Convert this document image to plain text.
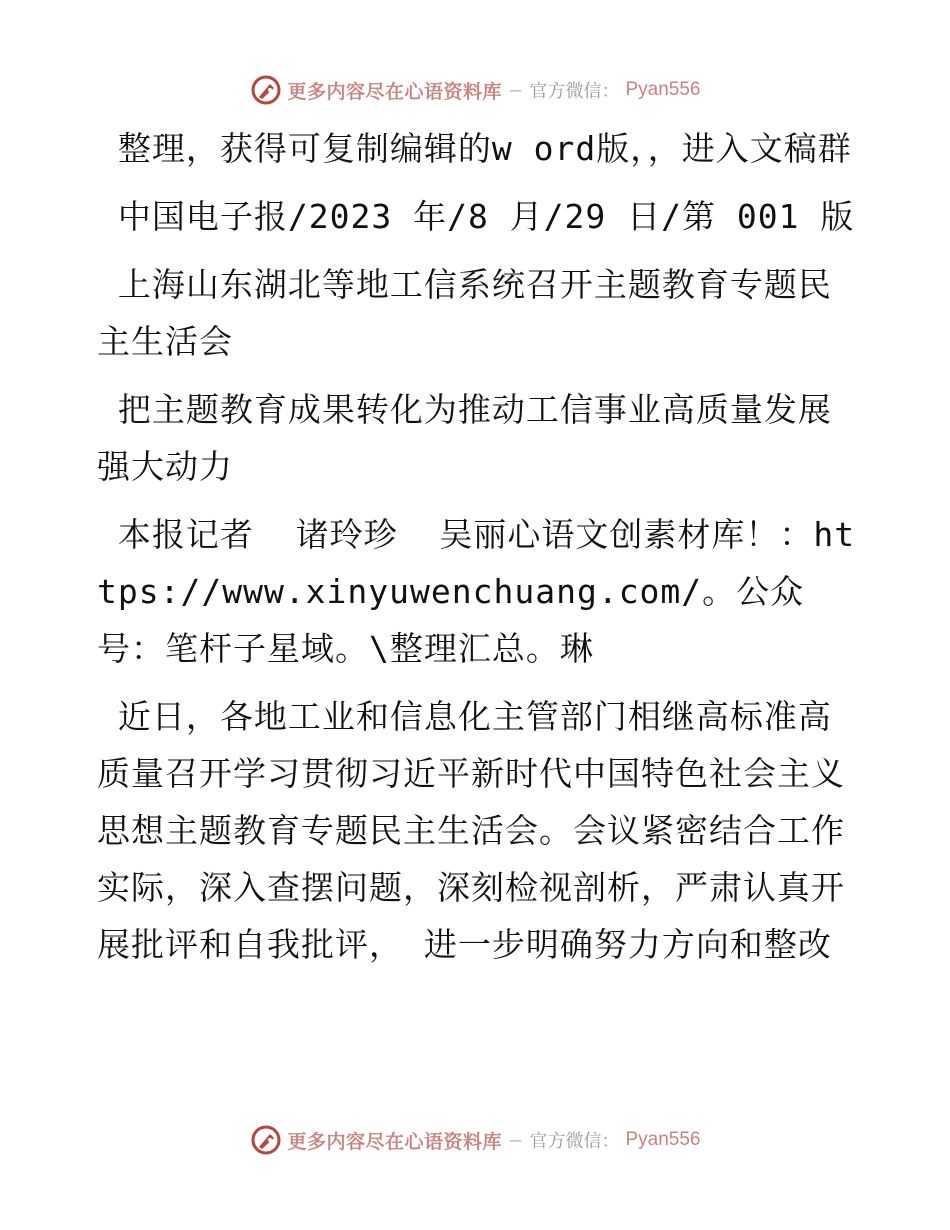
更多内容尽在心语资料库 — 官方微信： Pyan556

整理，获得可复制编辑的w ord版，，进入文稿群

中国电子报/2023 年/8 月/29 日/第 001 版

上海山东湖北等地工信系统召开主题教育专题民主生活会

把主题教育成果转化为推动工信事业高质量发展强大动力

本报记者  诸玲珍  吴丽心语文创素材库！：https://www.xinyuwenchuang.com/。公众号：笔杆子星域。\整理汇总。琳

近日，各地工业和信息化主管部门相继高标准高质量召开学习贯彻习近平新时代中国特色社会主义思想主题教育专题民主生活会。会议紧密结合工作实际，深入查摆问题，深刻检视剖析，严肃认真开展批评和自我批评， 进一步明确努力方向和整改

更多内容尽在心语资料库 — 官方微信： Pyan556
